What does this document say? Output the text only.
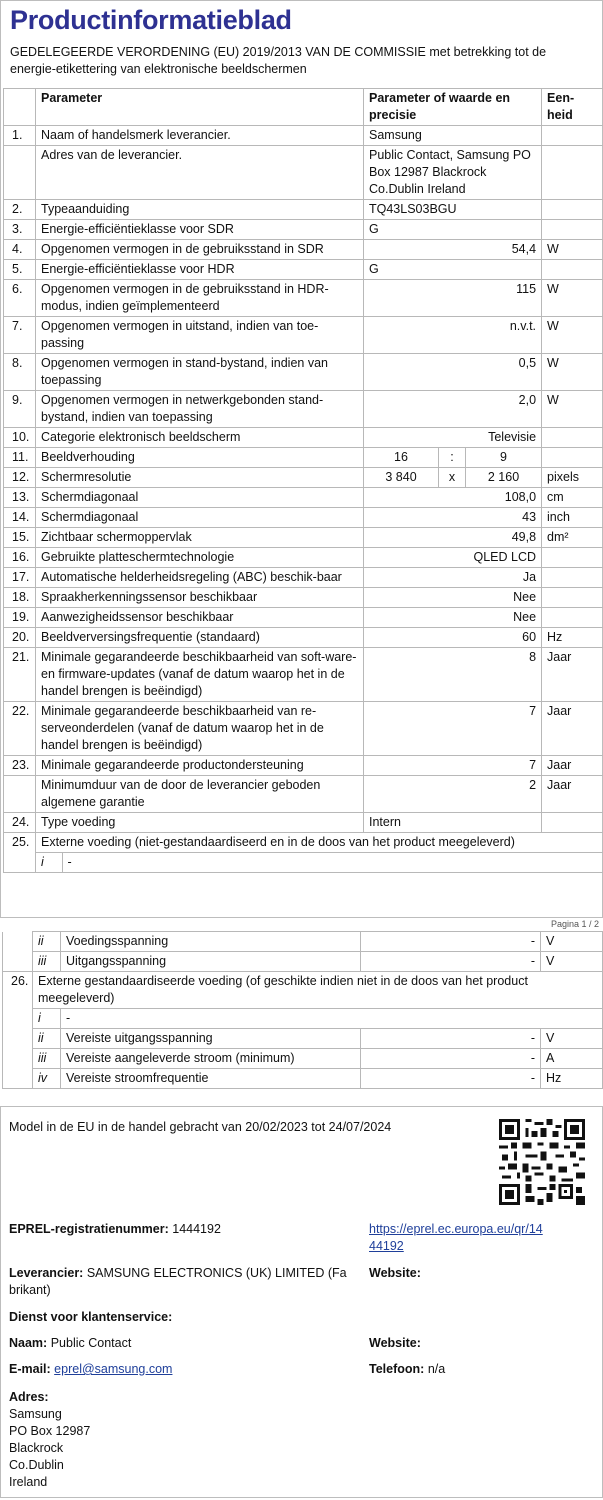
Productinformatieblad
GEDELEGEERDE VERORDENING (EU) 2019/2013 VAN DE COMMISSIE met betrekking tot de energie-etikettering van elektronische beeldschermen
	Parameter	Parameter of waarde en precisie	Een-heid
1.	Naam of handelsmerk leverancier.	Samsung	
	Adres van de leverancier.	Public Contact, Samsung PO Box 12987 Blackrock Co.Dublin Ireland	
2.	Typeaanduiding	TQ43LS03BGU	
3.	Energie-efficiëntieklasse voor SDR	G	
4.	Opgenomen vermogen in de gebruiksstand in SDR	54,4	W
5.	Energie-efficiëntieklasse voor HDR	G	
6.	Opgenomen vermogen in de gebruiksstand in HDR-modus, indien geïmplementeerd	115	W
7.	Opgenomen vermogen in uitstand, indien van toe-passing	n.v.t.	W
8.	Opgenomen vermogen in stand-bystand, indien van toepassing	0,5	W
9.	Opgenomen vermogen in netwerkgebonden stand-bystand, indien van toepassing	2,0	W
10.	Categorie elektronisch beeldscherm	Televisie	
11.	Beeldverhouding	16	:	9	
12.	Schermresolutie	3 840	x	2 160	pixels
13.	Schermdiagonaal	108,0	cm
14.	Schermdiagonaal	43	inch
15.	Zichtbaar schermoppervlak	49,8	dm²
16.	Gebruikte platteschermtechnologie	QLED LCD	
17.	Automatische helderheidsregeling (ABC) beschik-baar	Ja	
18.	Spraakherkenningssensor beschikbaar	Nee	
19.	Aanwezigheidssensor beschikbaar	Nee	
20.	Beeldverversingsfrequentie (standaard)	60	Hz
21.	Minimale gegarandeerde beschikbaarheid van soft-ware- en firmware-updates (vanaf de datum waarop het in de handel brengen is beëindigd)	8	Jaar
22.	Minimale gegarandeerde beschikbaarheid van re-serveonderdelen (vanaf de datum waarop het in de handel brengen is beëindigd)	7	Jaar
23.	Minimale gegarandeerde productondersteuning	7	Jaar
	Minimumduur van de door de leverancier geboden algemene garantie	2	Jaar
24.	Type voeding	Intern	
25.	Externe voeding (niet-gestandaardiseerd en in de doos van het product meegeleverd)

i	-
Pagina 1 / 2
	ii	Voedingsspanning	-	V
	iii	Uitgangsspanning	-	V
26.	Externe gestandaardiseerde voeding (of geschikte indien niet in de doos van het product meegeleverd)			
	i	-		
	ii	Vereiste uitgangsspanning	-	V
	iii	Vereiste aangeleverde stroom (minimum)	-	A
	iv	Vereiste stroomfrequentie	-	Hz
Model in de EU in de handel gebracht van 20/02/2023 tot 24/07/2024
EPREL-registratienummer: 1444192	https://eprel.ec.europa.eu/qr/14
44192
Leverancier: SAMSUNG ELECTRONICS (UK) LIMITED (Fa
brikant)
Website:
Dienst voor klantenservice:
Naam: Public Contact	Website:
E-mail: eprel@samsung.com	Telefoon: n/a
Adres:
Samsung
PO Box 12987
Blackrock
Co.Dublin
Ireland
